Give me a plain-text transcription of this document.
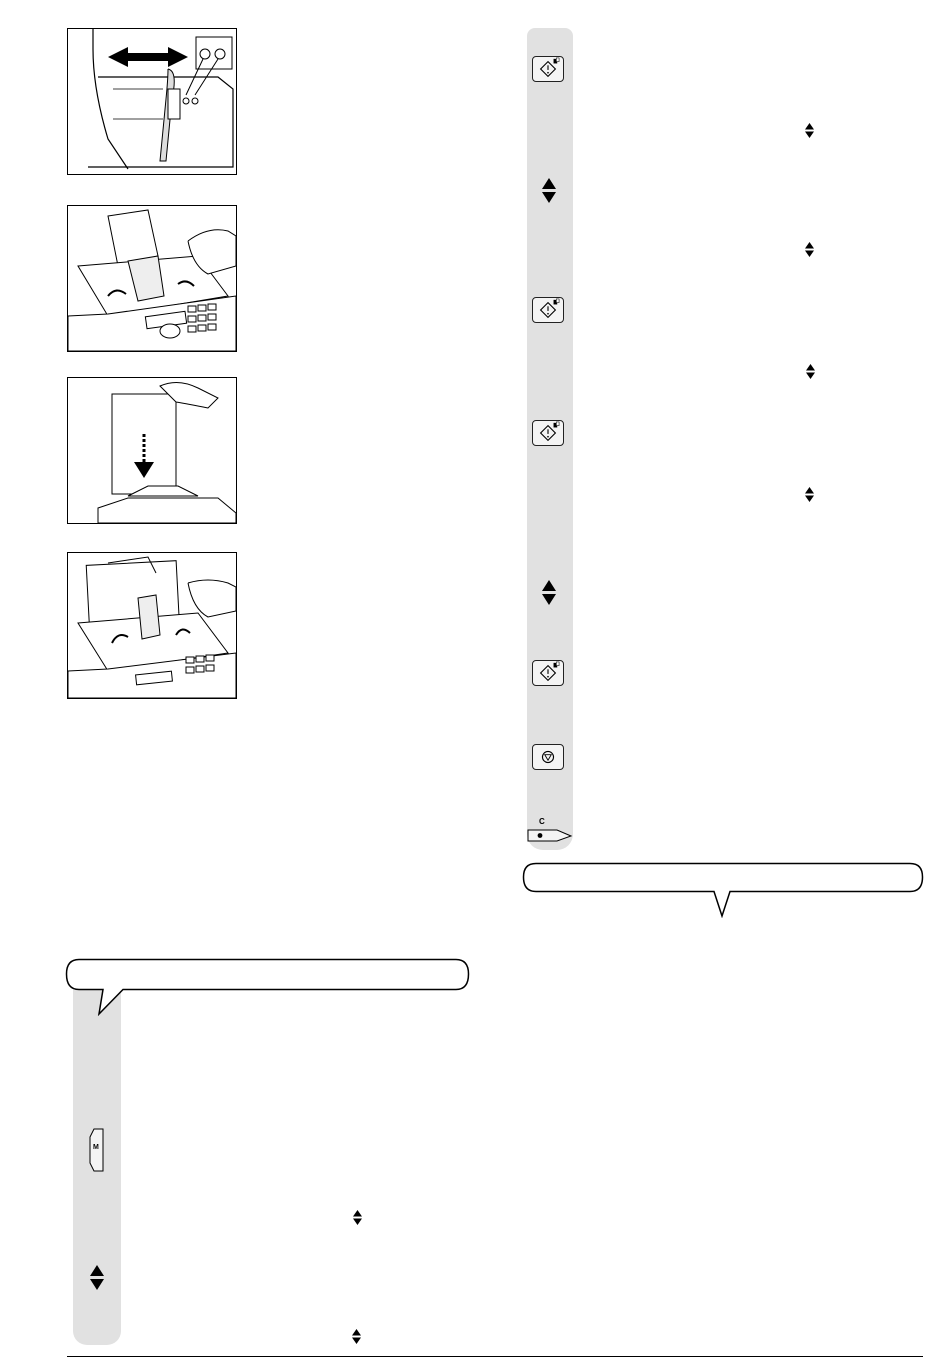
C
M
